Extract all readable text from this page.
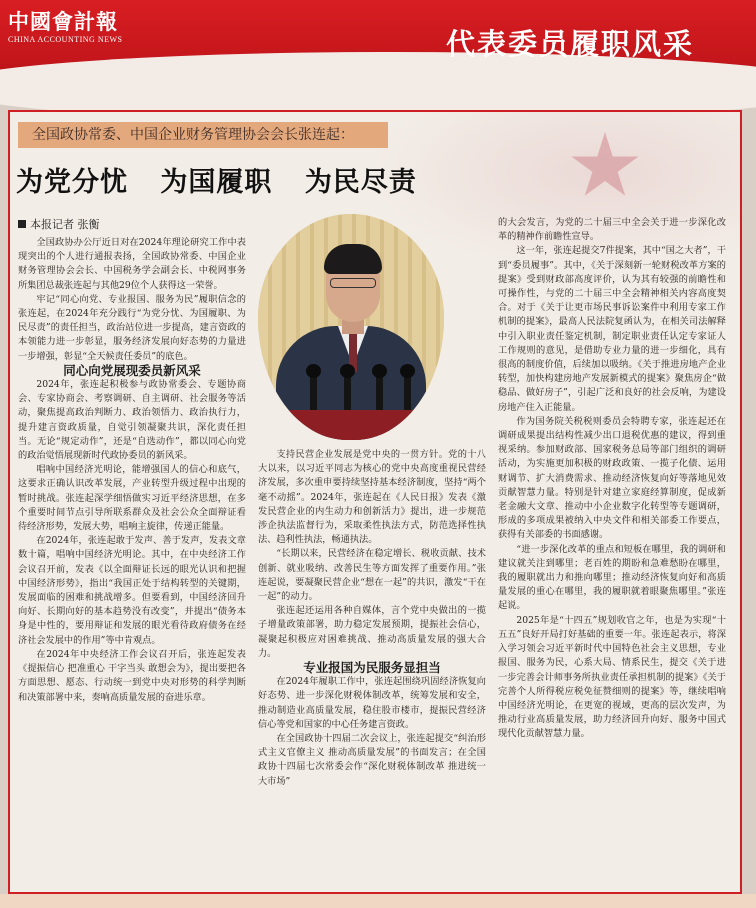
中國會計報
CHINA ACCOUNTING NEWS	代表委员履职风采
全国政协常委、中国企业财务管理协会会长张连起：
为党分忧 为国履职 为民尽责
本报记者 张衡

全国政协办公厅近日对在2024年理论研究工作中表现突出的个人进行通报表扬，全国政协常委、中国企业财务管理协会会长、中国税务学会副会长、中税网事务所集团总裁张连起与其他29位个人获得这一荣誉。

牢记“同心向党、专业报国、服务为民”履职信念的张连起，在2024年充分践行“为党分忧、为国履职、为民尽责”的责任担当，政治站位进一步提高，建言资政的本领能力进一步彰显，服务经济发展向好态势的力量进一步增强，彰显“全天候责任委员”的底色。

同心向党展现委员新风采

2024年，张连起积极参与政协常委会、专题协商会、专家协商会、考察调研、自主调研、社会服务等活动，聚焦提高政治判断力、政治领悟力、政治执行力，提升建言资政质量，自觉引领凝聚共识，深化责任担当。无论“规定动作”，还是“自选动作”，都以同心向党的政治觉悟展现新时代政协委员的新风采。

唱响中国经济光明论，能增强国人的信心和底气，这要求正确认识改革发展，产业转型升级过程中出现的暂时挑战。张连起深学细悟做实习近平经济思想，在多个重要时间节点引导所联系群众及社会公众全面辩证看待经济形势，发展大势，唱响主旋律，传递正能量。

在2024年，张连起敢于发声、善于发声，发表文章数十篇，唱响中国经济光明论。其中，在中央经济工作会议召开前，发表《以全面辩证长远的眼光认识和把握中国经济形势》，指出“我国正处于结构转型的关键期，发展面临的困难和挑战增多。但要看到，中国经济回升向好、长期向好的基本趋势没有改变”，并提出“债务本身是中性的，要用辩证和发展的眼光看待政府债务在经济社会发展中的作用”等中肯观点。

在2024年中央经济工作会议召开后，张连起发表《提振信心 把准重心 干字当头 敢想会为》，提出要把各方面思想、愿态、行动统一到党中央对形势的科学判断和决策部署中来，奏响高质量发展的奋进乐章。

支持民营企业发展是党中央的一贯方针。党的十八大以来，以习近平同志为核心的党中央高度重视民营经济发展，多次重申要持续坚持基本经济制度，坚持“两个毫不动摇”。2024年，张连起在《人民日报》发表《激发民营企业的内生动力和创新活力》提出，进一步规范涉企执法监督行为，采取柔性执法方式，防范选择性执法、趋利性执法，畅通执法。

“长期以来，民营经济在稳定增长、税收贡献、技术创新、就业吸纳、改善民生等方面发挥了重要作用。”张连起说，要凝聚民营企业“想在一起”的共识，激发“干在一起”的动力。

张连起还运用各种自媒体，言个党中央做出的一揽子增量政策部署，助力稳定发展预期，提振社会信心，凝聚起积极应对困难挑战、推动高质量发展的强大合力。

专业报国为民服务显担当

在2024年履职工作中，张连起围绕巩固经济恢复向好态势、进一步深化财税体制改革，统筹发展和安全，推动制造业高质量发展，稳住股市楼市，提振民营经济信心等党和国家的中心任务建言资政。

在全国政协十四届二次会议上，张连起提交“纠治形式主义官僚主义 推动高质量发展”的书面发言；在全国政协十四届七次常委会作“深化财税体制改革 推进统一大市场”

的大会发言，为党的二十届三中全会关于进一步深化改革的精神作前瞻性宣导。

这一年，张连起提交7件提案，其中“国之大者”，干到“委员履事”。其中，《关于深刻新一轮财税改革方案的提案》受到财政部高度评价，认为其有较强的前瞻性和可操作性，与党的二十届三中全会精神相关内容高度契合。对于《关于让更市场民事诉讼案件中利用专家工作机制的提案》，最高人民法院复函认为，在相关司法解释中引入职业责任鉴定机制，制定职业责任认定专家证人工作规则的意见，是借助专业力量的进一步细化，具有很高的制度价值，后续加以吸纳。《关于推进房地产企业转型，加快构建房地产发展新模式的提案》聚焦房企“做稳品、做好房子”，引起广泛和良好的社会反响，为建设房地产住入正能量。

作为国务院关税税则委员会特聘专家，张连起还在调研成果提出结构性减少出口退税优惠的建议，得到重视采纳。参加财政部、国家税务总局等部门组织的调研活动，为实施更加积极的财政政策、一揽子化债、运用财调节、扩大消费需求、推动经济恢复向好等落地见效贡献智慧力量。特别是针对建立家庭经算制度，促成新老金融大文章、推动中小企业数字化转型等专题调研，形成的多项成果被纳入中央文件和相关部委工作要点，获得有关部委的书面感谢。

“进一步深化改革的重点和短板在哪里，我的调研和建议就关注到哪里；老百姓的期盼和急难愁盼在哪里，我的履职就出力和推向哪里；推动经济恢复向好和高质量发展的重心在哪里，我的履职就着眼聚焦哪里。”张连起说。

2025年是“十四五”规划收官之年，也是为实现“十五五”良好开局打好基础的重要一年。张连起表示，将深入学习领会习近平新时代中国特色社会主义思想，专业报国、服务为民，心系大局、情系民生，提交《关于进一步完善会计师事务所执业责任承担机制的提案》《关于完善个人所得税应税免征赞细则的提案》等，继续唱响中国经济光明论，在更宽的视域，更高的层次发声，为推动行业高质量发展，助力经济回升向好、服务中国式现代化贡献智慧力量。
